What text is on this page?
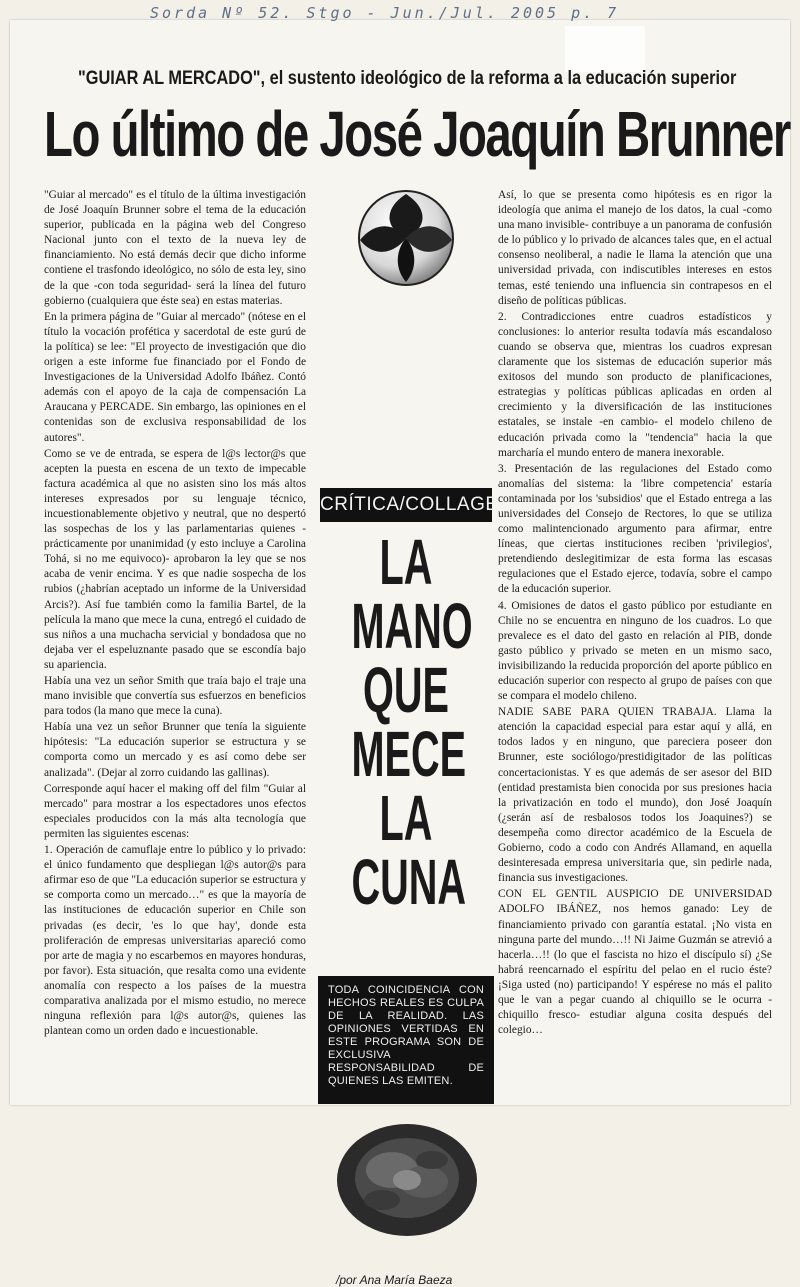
Sorda Nº 52. Stgo - Jun./Jul. 2005 p. 7
"GUIAR AL MERCADO", el sustento ideológico de la reforma a la educación superior
Lo último de José Joaquín Brunner

"Guiar al mercado" es el título de la última investigación de José Joaquín Brunner sobre el tema de la educación superior, publicada en la página web del Congreso Nacional junto con el texto de la nueva ley de financiamiento. No está demás decir que dicho informe contiene el trasfondo ideológico, no sólo de esta ley, sino de la que -con toda seguridad- será la línea del futuro gobierno (cualquiera que éste sea) en estas materias.

En la primera página de "Guiar al mercado" (nótese en el título la vocación profética y sacerdotal de este gurú de la política) se lee: "El proyecto de investigación que dio origen a este informe fue financiado por el Fondo de Investigaciones de la Universidad Adolfo Ibáñez. Contó además con el apoyo de la caja de compensación La Araucana y PERCADE. Sin embargo, las opiniones en el contenidas son de exclusiva responsabilidad de los autores".

Como se ve de entrada, se espera de l@s lector@s que acepten la puesta en escena de un texto de impecable factura académica al que no asisten sino los más altos intereses expresados por su lenguaje técnico, incuestionablemente objetivo y neutral, que no despertó las sospechas de los y las parlamentarias quienes -prácticamente por unanimidad (y esto incluye a Carolina Tohá, si no me equivoco)- aprobaron la ley que se nos acaba de venir encima. Y es que nadie sospecha de los rubios (¿habrían aceptado un informe de la Universidad Arcis?). Así fue también como la familia Bartel, de la película la mano que mece la cuna, entregó el cuidado de sus niños a una muchacha servicial y bondadosa que no dejaba ver el espeluznante pasado que se escondía bajo su apariencia.

Había una vez un señor Smith que traía bajo el traje una mano invisible que convertía sus esfuerzos en beneficios para todos (la mano que mece la cuna).

Había una vez un señor Brunner que tenía la siguiente hipótesis: "La educación superior se estructura y se comporta como un mercado y es así como debe ser analizada". (Dejar al zorro cuidando las gallinas).

Corresponde aquí hacer el making off del film "Guiar al mercado" para mostrar a los espectadores unos efectos especiales producidos con la más alta tecnología que permiten las siguientes escenas:

1. Operación de camuflaje entre lo público y lo privado: el único fundamento que despliegan l@s autor@s para afirmar eso de que "La educación superior se estructura y se comporta como un mercado…" es que la mayoría de las instituciones de educación superior en Chile son privadas (es decir, 'es lo que hay', donde esta proliferación de empresas universitarias apareció como por arte de magia y no escarbemos en mayores honduras, por favor). Esta situación, que resalta como una evidente anomalía con respecto a los países de la muestra comparativa analizada por el mismo estudio, no merece ninguna reflexión para l@s autor@s, quienes las plantean como un orden dado e incuestionable.

CRÍTICA/COLLAGE
LA
MANO
QUE
MECE
LA
CUNA
TODA COINCIDENCIA CON HECHOS REALES ES CULPA DE LA REALIDAD. LAS OPINIONES VERTIDAS EN ESTE PROGRAMA SON DE EXCLUSIVA RESPONSABILIDAD DE QUIENES LAS EMITEN.
/por Ana María Baeza

Así, lo que se presenta como hipótesis es en rigor la ideología que anima el manejo de los datos, la cual -como una mano invisible- contribuye a un panorama de confusión de lo público y lo privado de alcances tales que, en el actual consenso neoliberal, a nadie le llama la atención que una universidad privada, con indiscutibles intereses en estos temas, esté teniendo una influencia sin contrapesos en el diseño de políticas públicas.

2. Contradicciones entre cuadros estadísticos y conclusiones: lo anterior resulta todavía más escandaloso cuando se observa que, mientras los cuadros expresan claramente que los sistemas de educación superior más exitosos del mundo son producto de planificaciones, estrategias y políticas públicas aplicadas en orden al crecimiento y la diversificación de las instituciones estatales, se instale -en cambio- el modelo chileno de educación privada como la "tendencia" hacia la que marcharía el mundo entero de manera inexorable.

3. Presentación de las regulaciones del Estado como anomalías del sistema: la 'libre competencia' estaría contaminada por los 'subsidios' que el Estado entrega a las universidades del Consejo de Rectores, lo que se utiliza como malintencionado argumento para afirmar, entre líneas, que ciertas instituciones reciben 'privilegios', pretendiendo deslegitimizar de esta forma las escasas regulaciones que el Estado ejerce, todavía, sobre el campo de la educación superior.

4. Omisiones de datos el gasto público por estudiante en Chile no se encuentra en ninguno de los cuadros. Lo que prevalece es el dato del gasto en relación al PIB, donde gasto público y privado se meten en un mismo saco, invisibilizando la reducida proporción del aporte público en educación superior con respecto al grupo de países con que se compara el modelo chileno.

NADIE SABE PARA QUIEN TRABAJA. Llama la atención la capacidad especial para estar aquí y allá, en todos lados y en ninguno, que pareciera poseer don Brunner, este sociólogo/prestidigitador de las políticas concertacionistas. Y es que además de ser asesor del BID (entidad prestamista bien conocida por sus presiones hacia la privatización en todo el mundo), don José Joaquín (¿serán así de resbalosos todos los Joaquines?) se desempeña como director académico de la Escuela de Gobierno, codo a codo con Andrés Allamand, en aquella desinteresada empresa universitaria que, sin pedirle nada, financia sus investigaciones.

CON EL GENTIL AUSPICIO DE UNIVERSIDAD ADOLFO IBÁÑEZ, nos hemos ganado: Ley de financiamiento privado con garantía estatal. ¡No vista en ninguna parte del mundo…!! Ni Jaime Guzmán se atrevió a hacerla…!! (lo que el fascista no hizo el discípulo sí) ¿Se habrá reencarnado el espíritu del pelao en el rucio éste? ¡Siga usted (no) participando! Y espérese no más el palito que le van a pegar cuando al chiquillo se le ocurra -chiquillo fresco- estudiar alguna cosita después del colegio…
